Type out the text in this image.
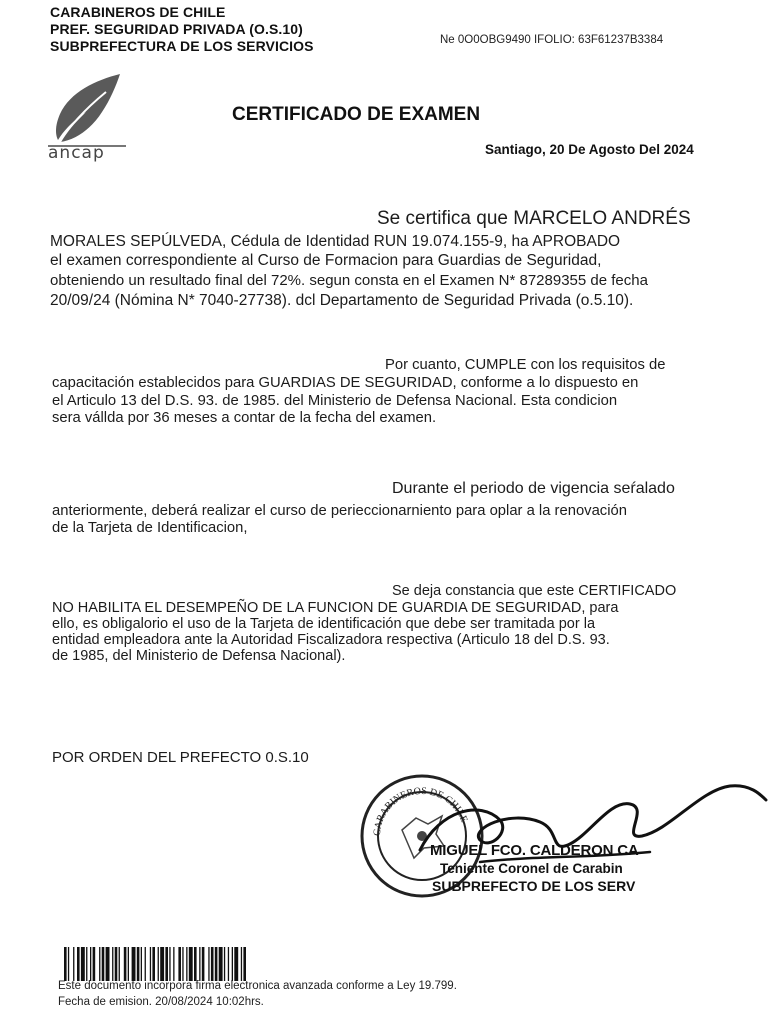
CARABINEROS DE CHILE
PREF. SEGURIDAD PRIVADA (O.S.10)
SUBPREFECTURA DE LOS SERVICIOS	Ne 0O0OBG9490 IFOLIO: 63F61237B3384
ancap
CERTIFICADO DE EXAMEN
Santiago, 20 De Agosto Del 2024
Se certifica que MARCELO ANDRÉS
MORALES SEPÚLVEDA, Cédula de Identidad RUN 19.074.155-9, ha APROBADO
el examen correspondiente al Curso de Formacion para Guardias de Seguridad,
obteniendo un resultado final del 72%. segun consta en el Examen N* 87289355 de fecha
20/09/24 (Nómina N* 7040-27738). dcl Departamento de Seguridad Privada (o.5.10).
Por cuanto, CUMPLE con los requisitos de
capacitación establecidos para GUARDIAS DE SEGURIDAD, conforme a lo dispuesto en
el Articulo 13 del D.S. 93. de 1985. del Ministerio de Defensa Nacional. Esta condicion
sera vállda por 36 meses a contar de la fecha del examen.
Durante el periodo de vigencia seŕalado
anteriormente, deberá realizar el curso de perieccionarniento para oplar a la renovación
de la Tarjeta de Identificacion,
Se deja constancia que este CERTIFICADO
NO HABILITA EL DESEMPEÑO DE LA FUNCION DE GUARDIA DE SEGURIDAD, para
ello, es obligalorio el uso de la Tarjeta de identificación que debe ser tramitada por la
entidad empleadora ante la Autoridad Fiscalizadora respectiva (Articulo 18 del D.S. 93.
de 1985, del Ministerio de Defensa Nacional).
POR ORDEN DEL PREFECTO 0.S.10
CARABINEROS DE CHILE
MIGUEL FCO. CALDERON CA
Teniente Coronel de Carabin
SUBPREFECTO DE LOS SERV
Este documento incorpora firma electronica avanzada conforme a Ley 19.799.
Fecha de emision. 20/08/2024 10:02hrs.
